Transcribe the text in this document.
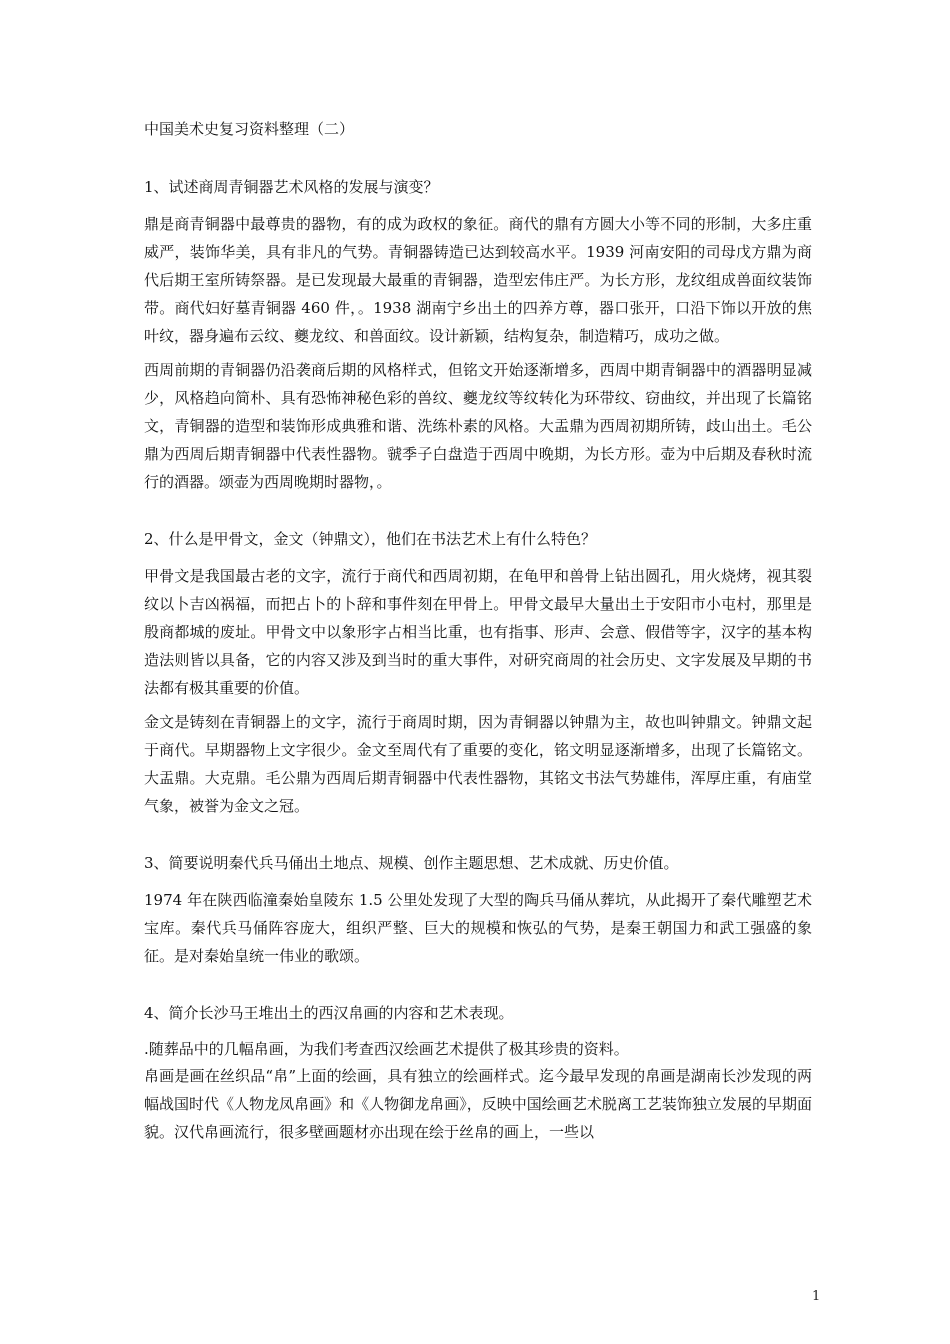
中国美术史复习资料整理（二）
1、试述商周青铜器艺术风格的发展与演变？
鼎是商青铜器中最尊贵的器物，有的成为政权的象征。商代的鼎有方圆大小等不同的形制，大多庄重威严，装饰华美，具有非凡的气势。青铜器铸造已达到较高水平。1939 河南安阳的司母戊方鼎为商代后期王室所铸祭器。是已发现最大最重的青铜器，造型宏伟庄严。为长方形，龙纹组成兽面纹装饰带。商代妇好墓青铜器 460 件，。1938 湖南宁乡出土的四养方尊，器口张开，口沿下饰以开放的焦叶纹，器身遍布云纹、夔龙纹、和兽面纹。设计新颖，结构复杂，制造精巧，成功之做。
西周前期的青铜器仍沿袭商后期的风格样式，但铭文开始逐渐增多，西周中期青铜器中的酒器明显减少，风格趋向简朴、具有恐怖神秘色彩的兽纹、夔龙纹等纹转化为环带纹、窃曲纹，并出现了长篇铭文，青铜器的造型和装饰形成典雅和谐、洗练朴素的风格。大盂鼎为西周初期所铸，歧山出土。毛公鼎为西周后期青铜器中代表性器物。虢季子白盘造于西周中晚期，为长方形。壶为中后期及春秋时流行的酒器。颂壶为西周晚期时器物，。
2、什么是甲骨文，金文（钟鼎文），他们在书法艺术上有什么特色？
甲骨文是我国最古老的文字，流行于商代和西周初期，在龟甲和兽骨上钻出圆孔，用火烧烤，视其裂纹以卜吉凶祸福，而把占卜的卜辞和事件刻在甲骨上。甲骨文最早大量出土于安阳市小屯村，那里是殷商都城的废址。甲骨文中以象形字占相当比重，也有指事、形声、会意、假借等字，汉字的基本构造法则皆以具备，它的内容又涉及到当时的重大事件，对研究商周的社会历史、文字发展及早期的书法都有极其重要的价值。
金文是铸刻在青铜器上的文字，流行于商周时期，因为青铜器以钟鼎为主，故也叫钟鼎文。钟鼎文起于商代。早期器物上文字很少。金文至周代有了重要的变化，铭文明显逐渐增多，出现了长篇铭文。大盂鼎。大克鼎。毛公鼎为西周后期青铜器中代表性器物，其铭文书法气势雄伟，浑厚庄重，有庙堂气象，被誉为金文之冠。
3、简要说明秦代兵马俑出土地点、规模、创作主题思想、艺术成就、历史价值。
1974 年在陕西临潼秦始皇陵东 1.5 公里处发现了大型的陶兵马俑从葬坑，从此揭开了秦代雕塑艺术宝库。秦代兵马俑阵容庞大，组织严整、巨大的规模和恢弘的气势，是秦王朝国力和武工强盛的象征。是对秦始皇统一伟业的歌颂。
4、简介长沙马王堆出土的西汉帛画的内容和艺术表现。
.随葬品中的几幅帛画，为我们考查西汉绘画艺术提供了极其珍贵的资料。
帛画是画在丝织品“帛”上面的绘画，具有独立的绘画样式。迄今最早发现的帛画是湖南长沙发现的两幅战国时代《人物龙凤帛画》和《人物御龙帛画》，反映中国绘画艺术脱离工艺装饰独立发展的早期面貌。汉代帛画流行，很多壁画题材亦出现在绘于丝帛的画上，一些以
1
